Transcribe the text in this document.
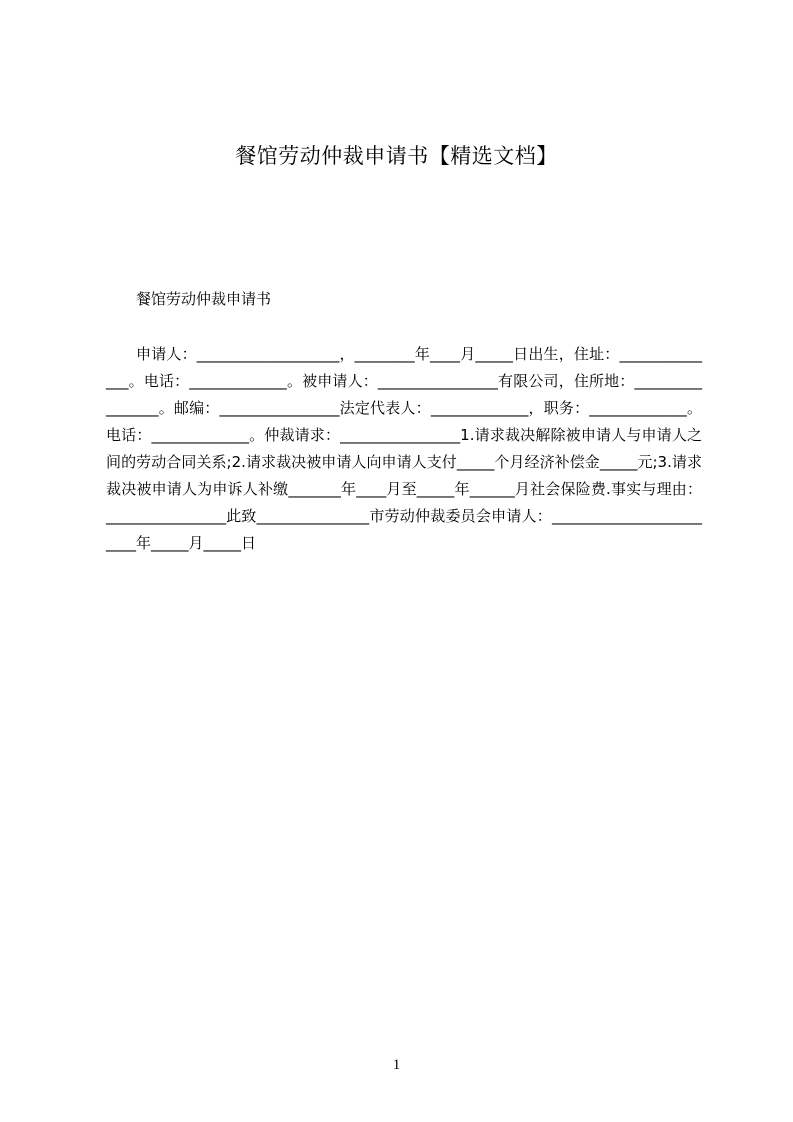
餐馆劳动仲裁申请书【精选文档】
餐馆劳动仲裁申请书
申请人：___________________，________年____月_____日出生，住址：______________。电话：_____________。被申请人：________________有限公司，住所地：________________。邮编：________________法定代表人：_____________，职务：_____________。电话：_____________。仲裁请求：________________1.请求裁决解除被申请人与申请人之间的劳动合同关系;2.请求裁决被申请人向申请人支付_____个月经济补偿金_____元;3.请求裁决被申请人为申诉人补缴_______年____月至_____年______月社会保险费.事实与理由：________________此致_______________市劳动仲裁委员会申请人：________________________年_____月_____日
1
